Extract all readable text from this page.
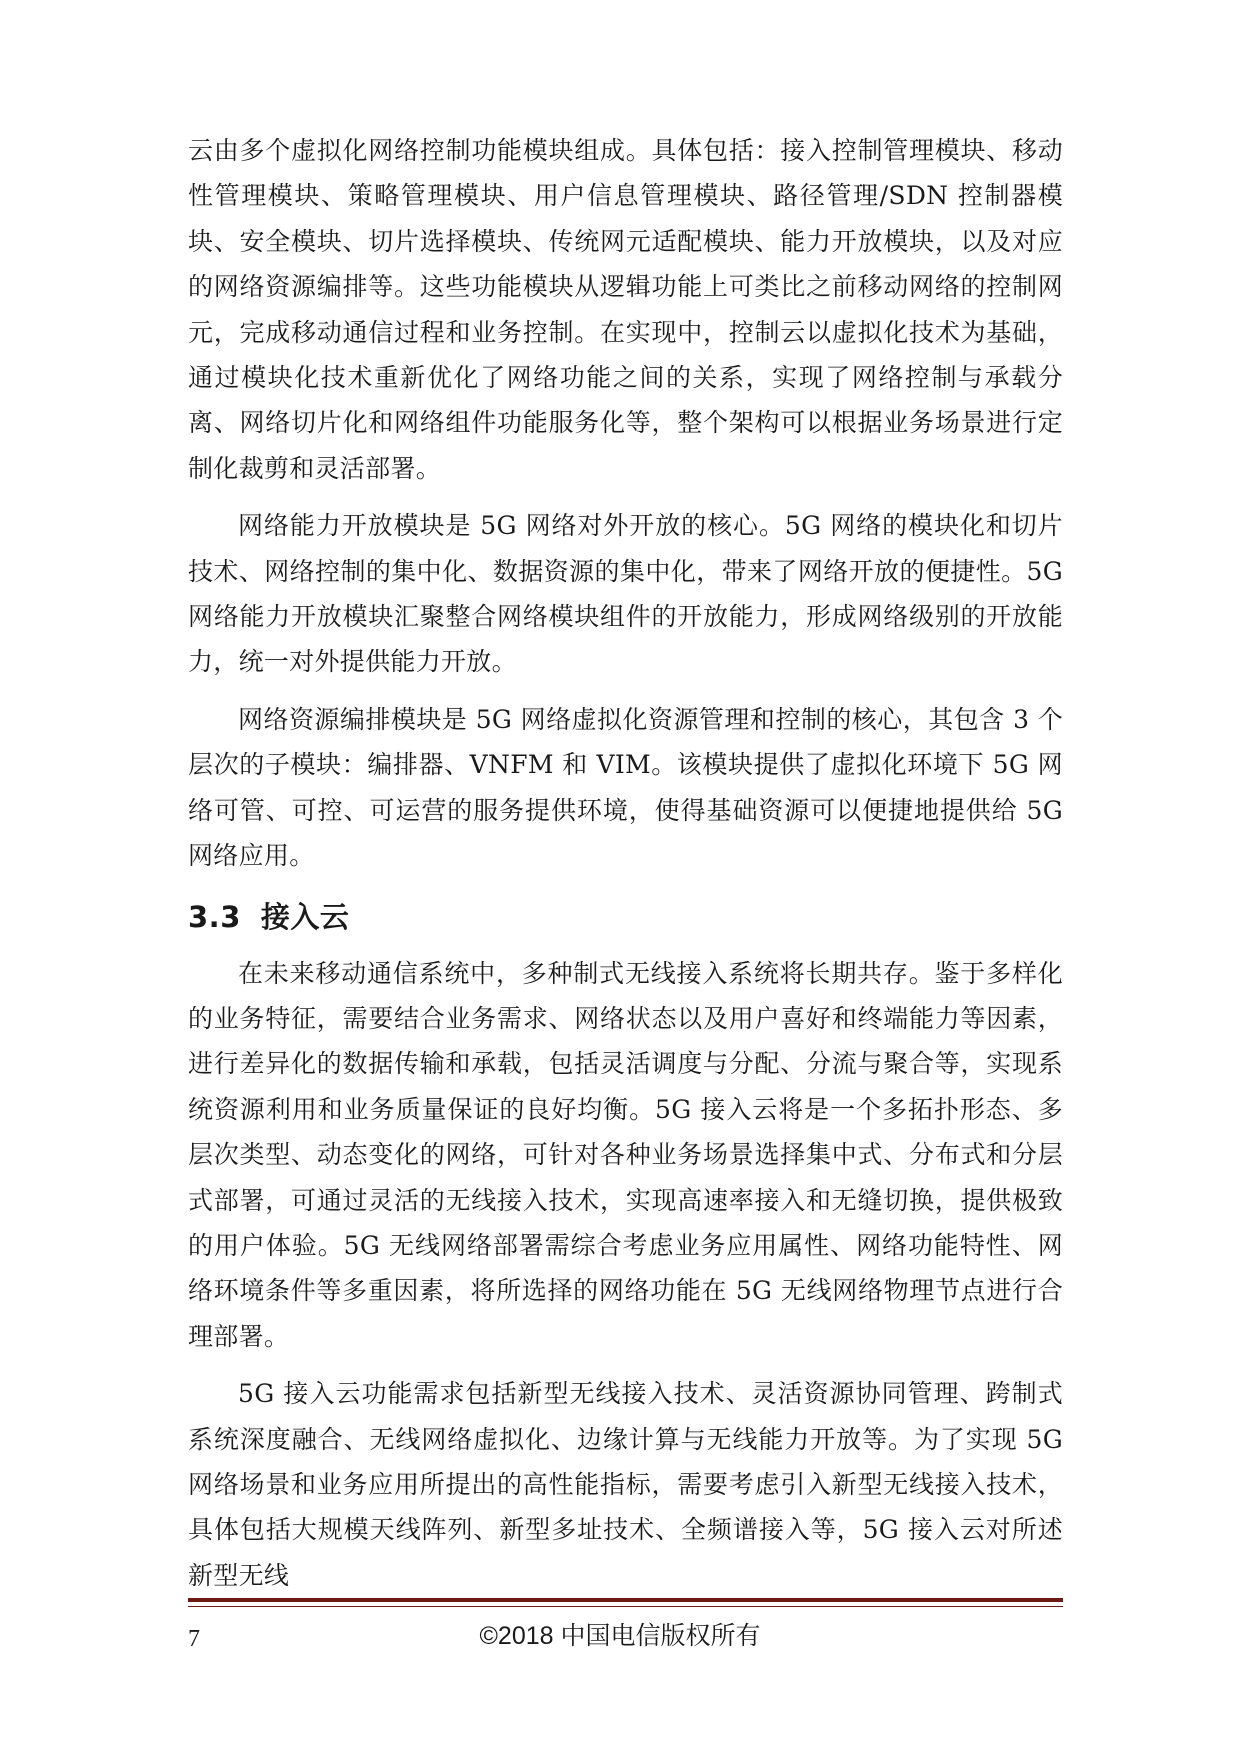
云由多个虚拟化网络控制功能模块组成。具体包括：接入控制管理模块、移动性管理模块、策略管理模块、用户信息管理模块、路径管理/SDN 控制器模块、安全模块、切片选择模块、传统网元适配模块、能力开放模块，以及对应的网络资源编排等。这些功能模块从逻辑功能上可类比之前移动网络的控制网元，完成移动通信过程和业务控制。在实现中，控制云以虚拟化技术为基础，通过模块化技术重新优化了网络功能之间的关系，实现了网络控制与承载分离、网络切片化和网络组件功能服务化等，整个架构可以根据业务场景进行定制化裁剪和灵活部署。

网络能力开放模块是 5G 网络对外开放的核心。5G 网络的模块化和切片技术、网络控制的集中化、数据资源的集中化，带来了网络开放的便捷性。5G 网络能力开放模块汇聚整合网络模块组件的开放能力，形成网络级别的开放能力，统一对外提供能力开放。

网络资源编排模块是 5G 网络虚拟化资源管理和控制的核心，其包含 3 个层次的子模块：编排器、VNFM 和 VIM。该模块提供了虚拟化环境下 5G 网络可管、可控、可运营的服务提供环境，使得基础资源可以便捷地提供给 5G 网络应用。

3.3 接入云

在未来移动通信系统中，多种制式无线接入系统将长期共存。鉴于多样化的业务特征，需要结合业务需求、网络状态以及用户喜好和终端能力等因素，进行差异化的数据传输和承载，包括灵活调度与分配、分流与聚合等，实现系统资源利用和业务质量保证的良好均衡。5G 接入云将是一个多拓扑形态、多层次类型、动态变化的网络，可针对各种业务场景选择集中式、分布式和分层式部署，可通过灵活的无线接入技术，实现高速率接入和无缝切换，提供极致的用户体验。5G 无线网络部署需综合考虑业务应用属性、网络功能特性、网络环境条件等多重因素，将所选择的网络功能在 5G 无线网络物理节点进行合理部署。

5G 接入云功能需求包括新型无线接入技术、灵活资源协同管理、跨制式系统深度融合、无线网络虚拟化、边缘计算与无线能力开放等。为了实现 5G 网络场景和业务应用所提出的高性能指标，需要考虑引入新型无线接入技术，具体包括大规模天线阵列、新型多址技术、全频谱接入等，5G 接入云对所述新型无线

7	©2018 中国电信版权所有
